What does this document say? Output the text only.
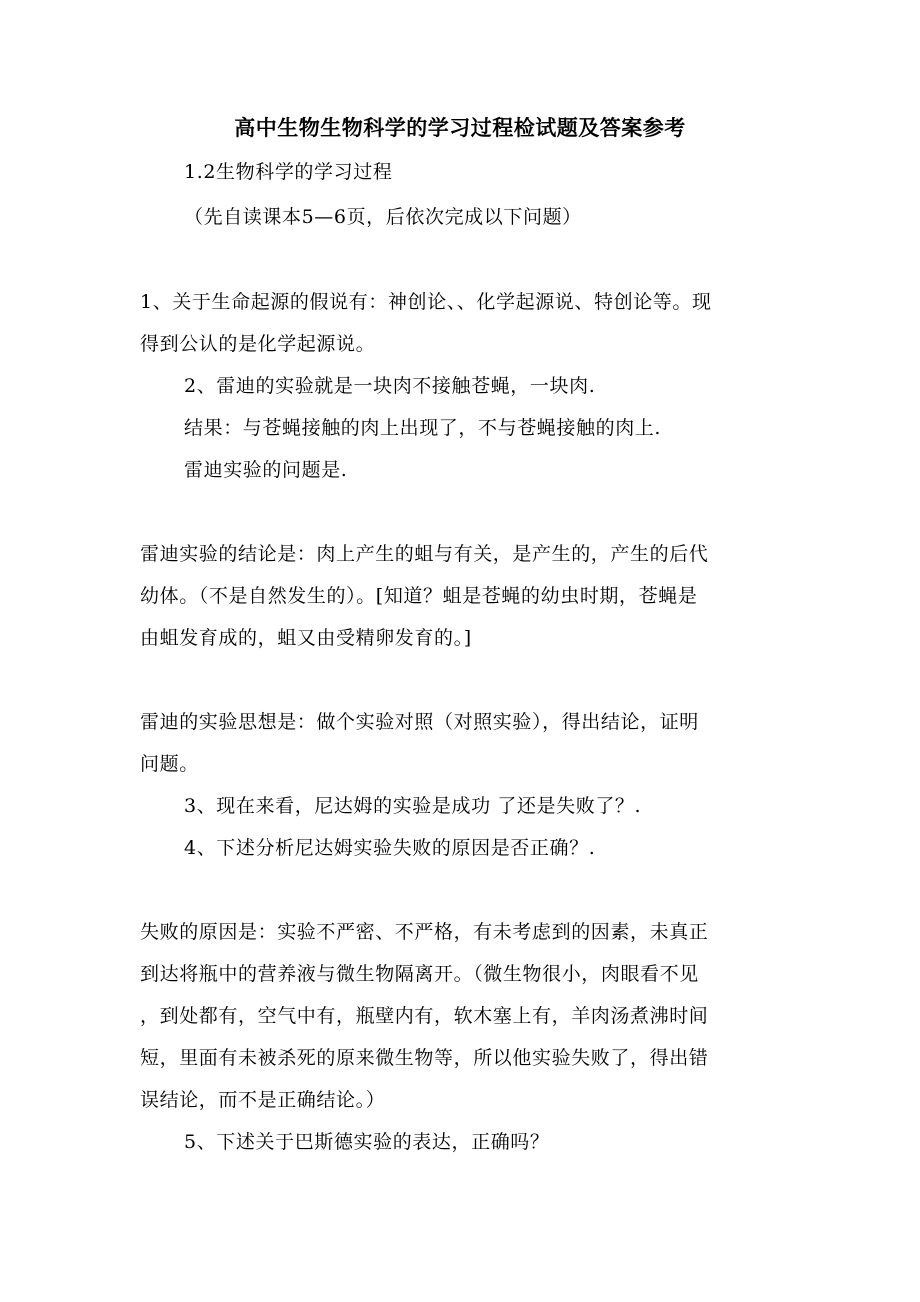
高中生物生物科学的学习过程检试题及答案参考
1.2生物科学的学习过程
（先自读课本5—6页，后依次完成以下问题）
1、关于生命起源的假说有：神创论、、化学起源说、特创论等。现
得到公认的是化学起源说。
2、雷迪的实验就是一块肉不接触苍蝇，一块肉.
结果：与苍蝇接触的肉上出现了，不与苍蝇接触的肉上.
雷迪实验的问题是.
雷迪实验的结论是：肉上产生的蛆与有关，是产生的，产生的后代
幼体。（不是自然发生的）。[知道？蛆是苍蝇的幼虫时期，苍蝇是
由蛆发育成的，蛆又由受精卵发育的。]
雷迪的实验思想是：做个实验对照（对照实验），得出结论，证明
问题。
3、现在来看，尼达姆的实验是成功 了还是失败了？.
4、下述分析尼达姆实验失败的原因是否正确？.
失败的原因是：实验不严密、不严格，有未考虑到的因素，未真正
到达将瓶中的营养液与微生物隔离开。（微生物很小，肉眼看不见
，到处都有，空气中有，瓶壁内有，软木塞上有，羊肉汤煮沸时间
短，里面有未被杀死的原来微生物等，所以他实验失败了，得出错
误结论，而不是正确结论。）
5、下述关于巴斯德实验的表达，正确吗？
